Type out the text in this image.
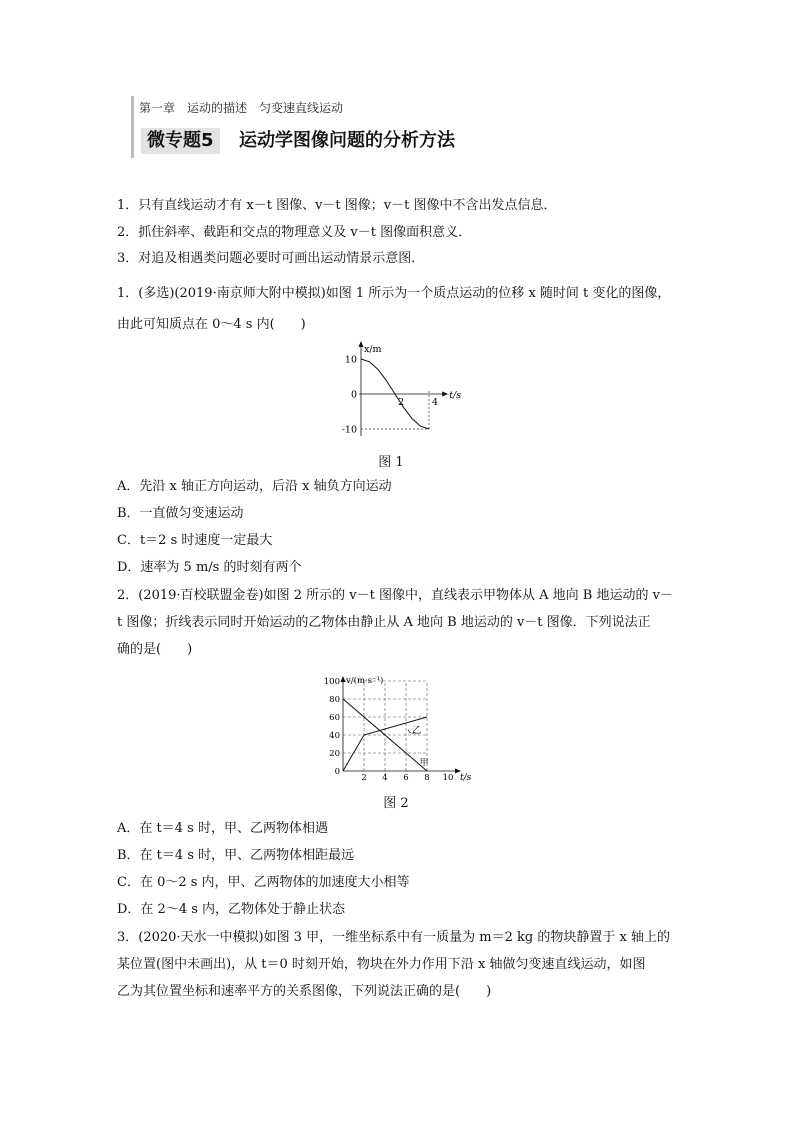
第一章　运动的描述　匀变速直线运动
微专题5	运动学图像问题的分析方法
1．只有直线运动才有 x－t 图像、v－t 图像；v－t 图像中不含出发点信息．
2．抓住斜率、截距和交点的物理意义及 v－t 图像面积意义．
3．对追及相遇类问题必要时可画出运动情景示意图．
1．(多选)(2019·南京师大附中模拟)如图 1 所示为一个质点运动的位移 x 随时间 t 变化的图像，
由此可知质点在 0～4 s 内(　　)
x/m
t/s
10
0
-10
2	4
图 1
A．先沿 x 轴正方向运动，后沿 x 轴负方向运动
B．一直做匀变速运动
C．t＝2 s 时速度一定最大
D．速率为 5 m/s 的时刻有两个
2．(2019·百校联盟金卷)如图 2 所示的 v－t 图像中，直线表示甲物体从 A 地向 B 地运动的 v－
t 图像；折线表示同时开始运动的乙物体由静止从 A 地向 B 地运动的 v－t 图像．下列说法正
确的是(　　)
v/(m·s⁻¹)
t/s
0
20
40
60
80
100
2 4 6 8 10
甲
乙
图 2
A．在 t＝4 s 时，甲、乙两物体相遇
B．在 t＝4 s 时，甲、乙两物体相距最远
C．在 0～2 s 内，甲、乙两物体的加速度大小相等
D．在 2～4 s 内，乙物体处于静止状态
3．(2020·天水一中模拟)如图 3 甲，一维坐标系中有一质量为 m＝2 kg 的物块静置于 x 轴上的
某位置(图中未画出)，从 t＝0 时刻开始，物块在外力作用下沿 x 轴做匀变速直线运动，如图
乙为其位置坐标和速率平方的关系图像，下列说法正确的是(　　)
